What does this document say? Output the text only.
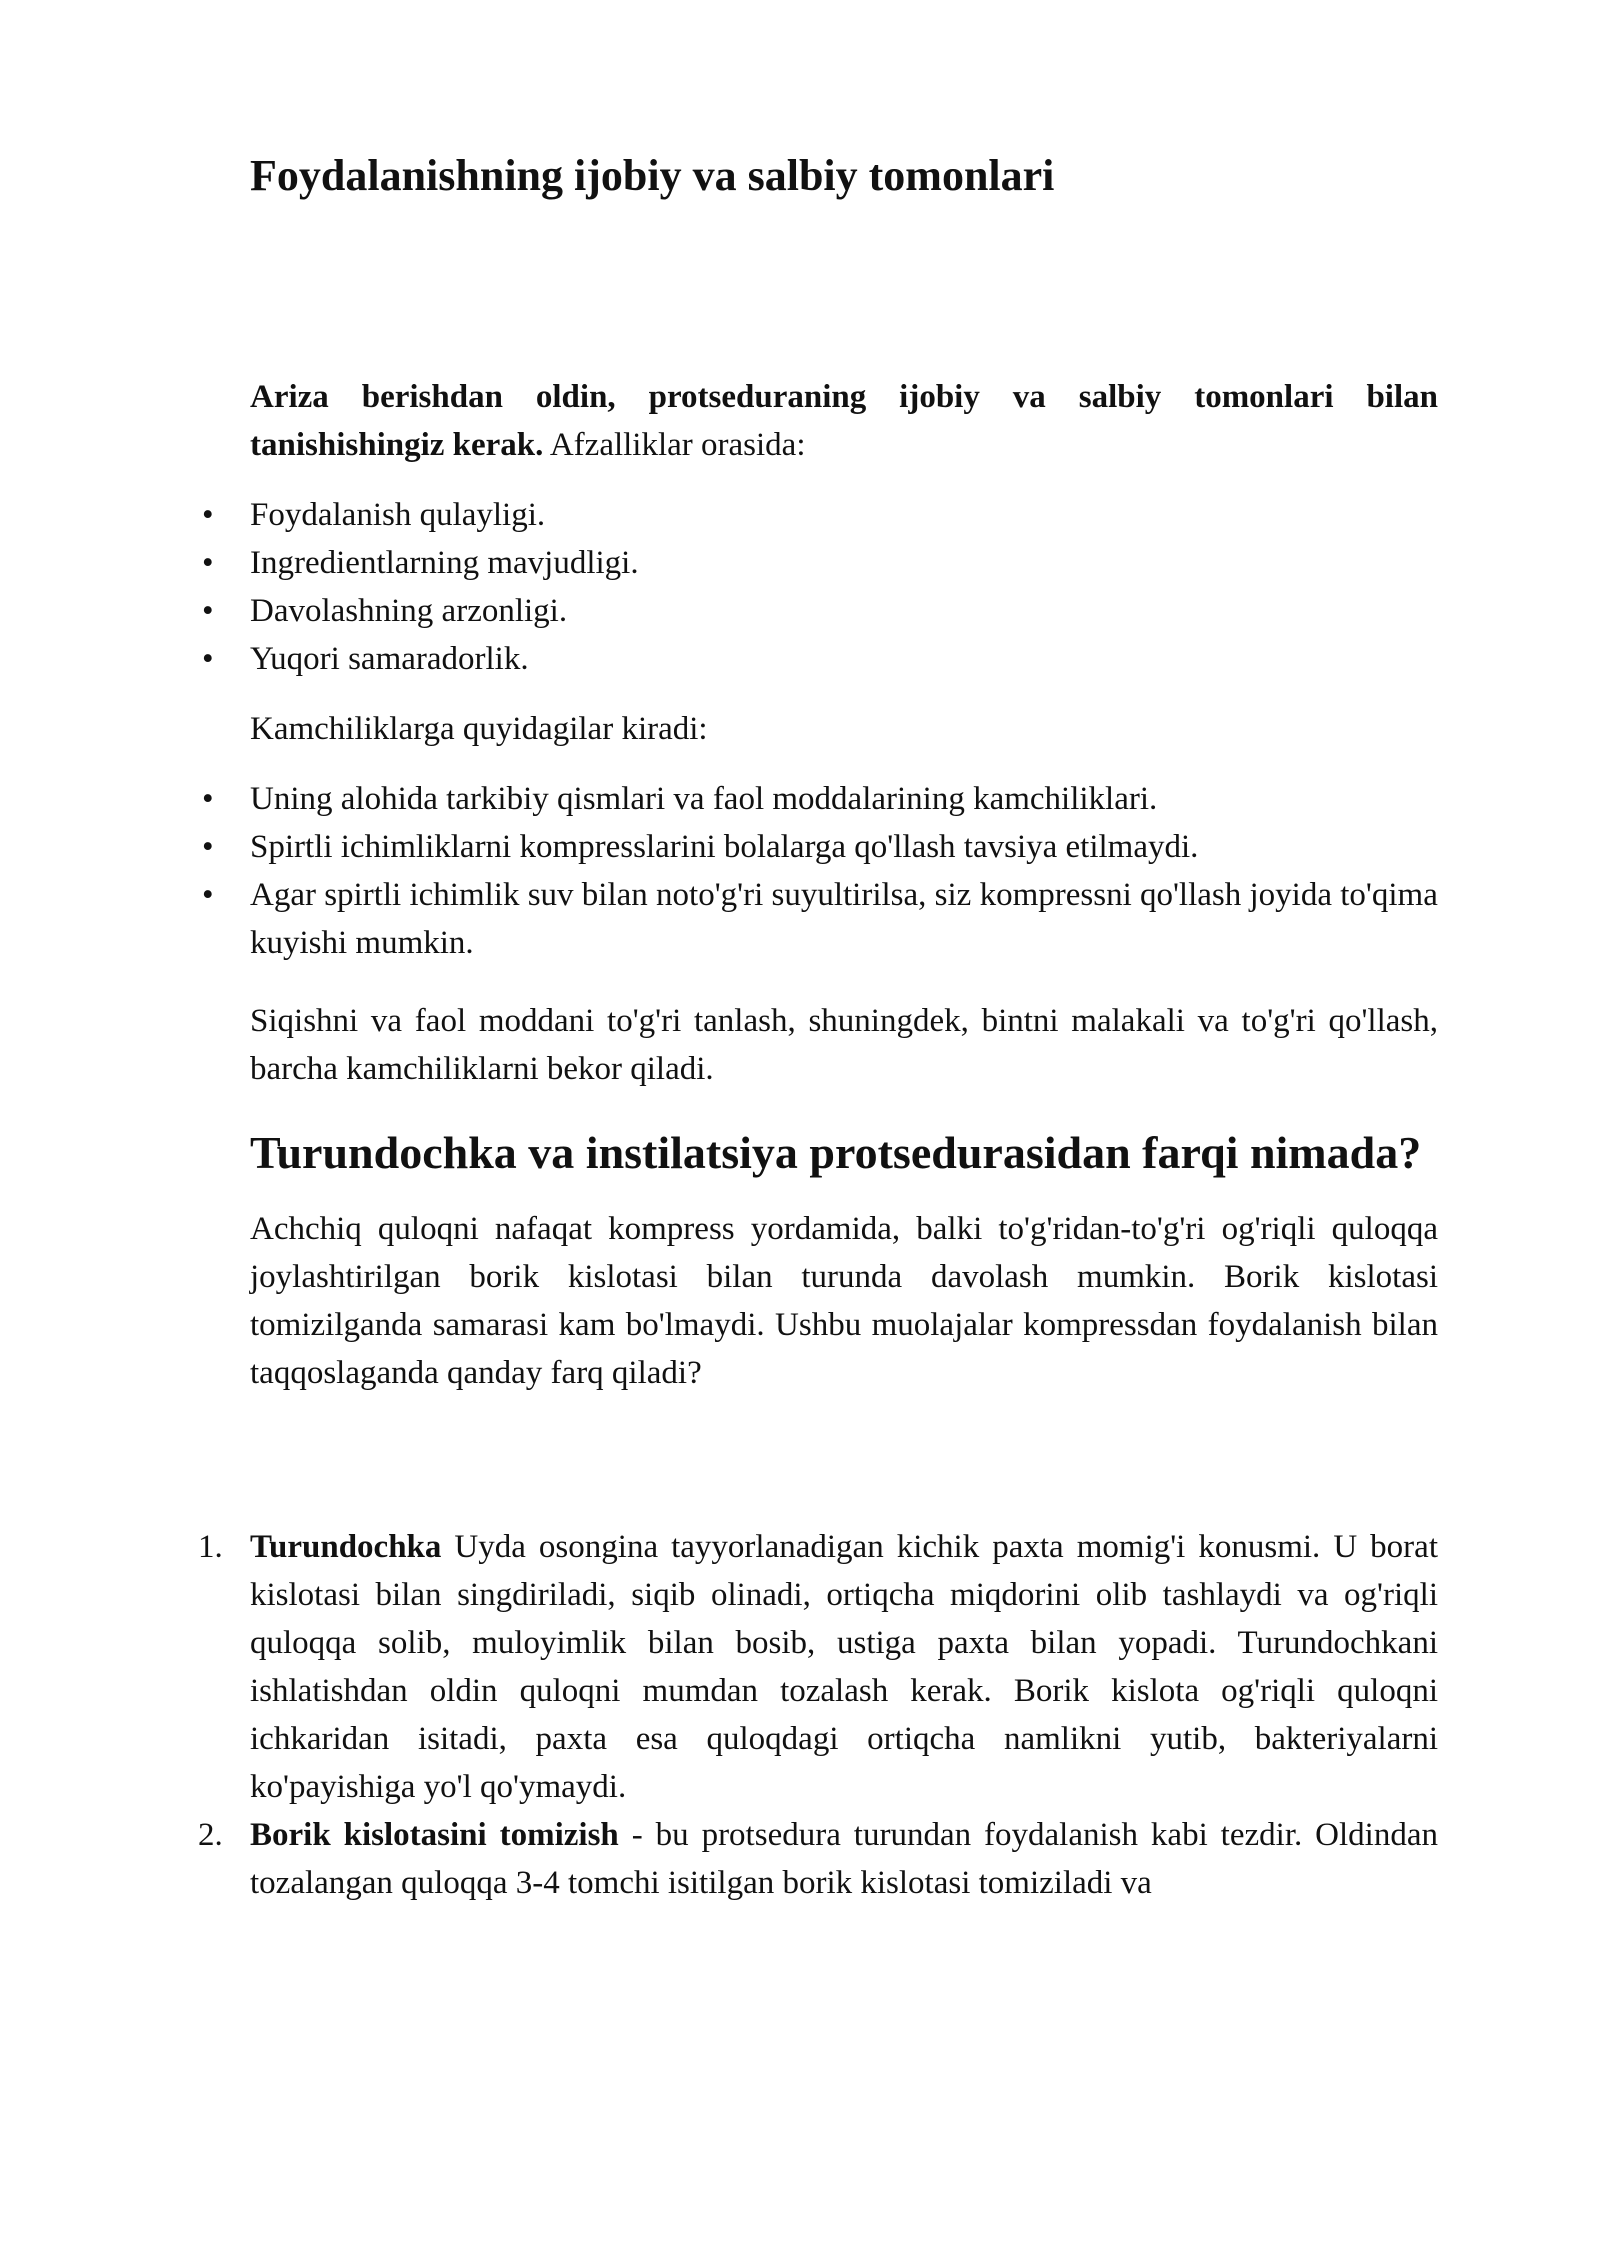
Foydalanishning ijobiy va salbiy tomonlari

Ariza berishdan oldin, protseduraning ijobiy va salbiy tomonlari bilan tanishishingiz kerak. Afzalliklar orasida:

• Foydalanish qulayligi.
• Ingredientlarning mavjudligi.
• Davolashning arzonligi.
• Yuqori samaradorlik.

Kamchiliklarga quyidagilar kiradi:

• Uning alohida tarkibiy qismlari va faol moddalarining kamchiliklari.
• Spirtli ichimliklarni kompresslarini bolalarga qo'llash tavsiya etilmaydi.
• Agar spirtli ichimlik suv bilan noto'g'ri suyultirilsa, siz kompressni qo'llash joyida to'qima kuyishi mumkin.

Siqishni va faol moddani to'g'ri tanlash, shuningdek, bintni malakali va to'g'ri qo'llash, barcha kamchiliklarni bekor qiladi.

Turundochka va instilatsiya protsedurasidan farqi nimada?

Achchiq quloqni nafaqat kompress yordamida, balki to'g'ridan-to'g'ri og'riqli quloqqa joylashtirilgan borik kislotasi bilan turunda davolash mumkin. Borik kislotasi tomizilganda samarasi kam bo'lmaydi. Ushbu muolajalar kompressdan foydalanish bilan taqqoslaganda qanday farq qiladi?

1. Turundochka Uyda osongina tayyorlanadigan kichik paxta momig'i konusmi. U borat kislotasi bilan singdiriladi, siqib olinadi, ortiqcha miqdorini olib tashlaydi va og'riqli quloqqa solib, muloyimlik bilan bosib, ustiga paxta bilan yopadi. Turundochkani ishlatishdan oldin quloqni mumdan tozalash kerak. Borik kislota og'riqli quloqni ichkaridan isitadi, paxta esa quloqdagi ortiqcha namlikni yutib, bakteriyalarni ko'payishiga yo'l qo'ymaydi.
2. Borik kislotasini tomizish - bu protsedura turundan foydalanish kabi tezdir. Oldindan tozalangan quloqqa 3-4 tomchi isitilgan borik kislotasi tomiziladi va
